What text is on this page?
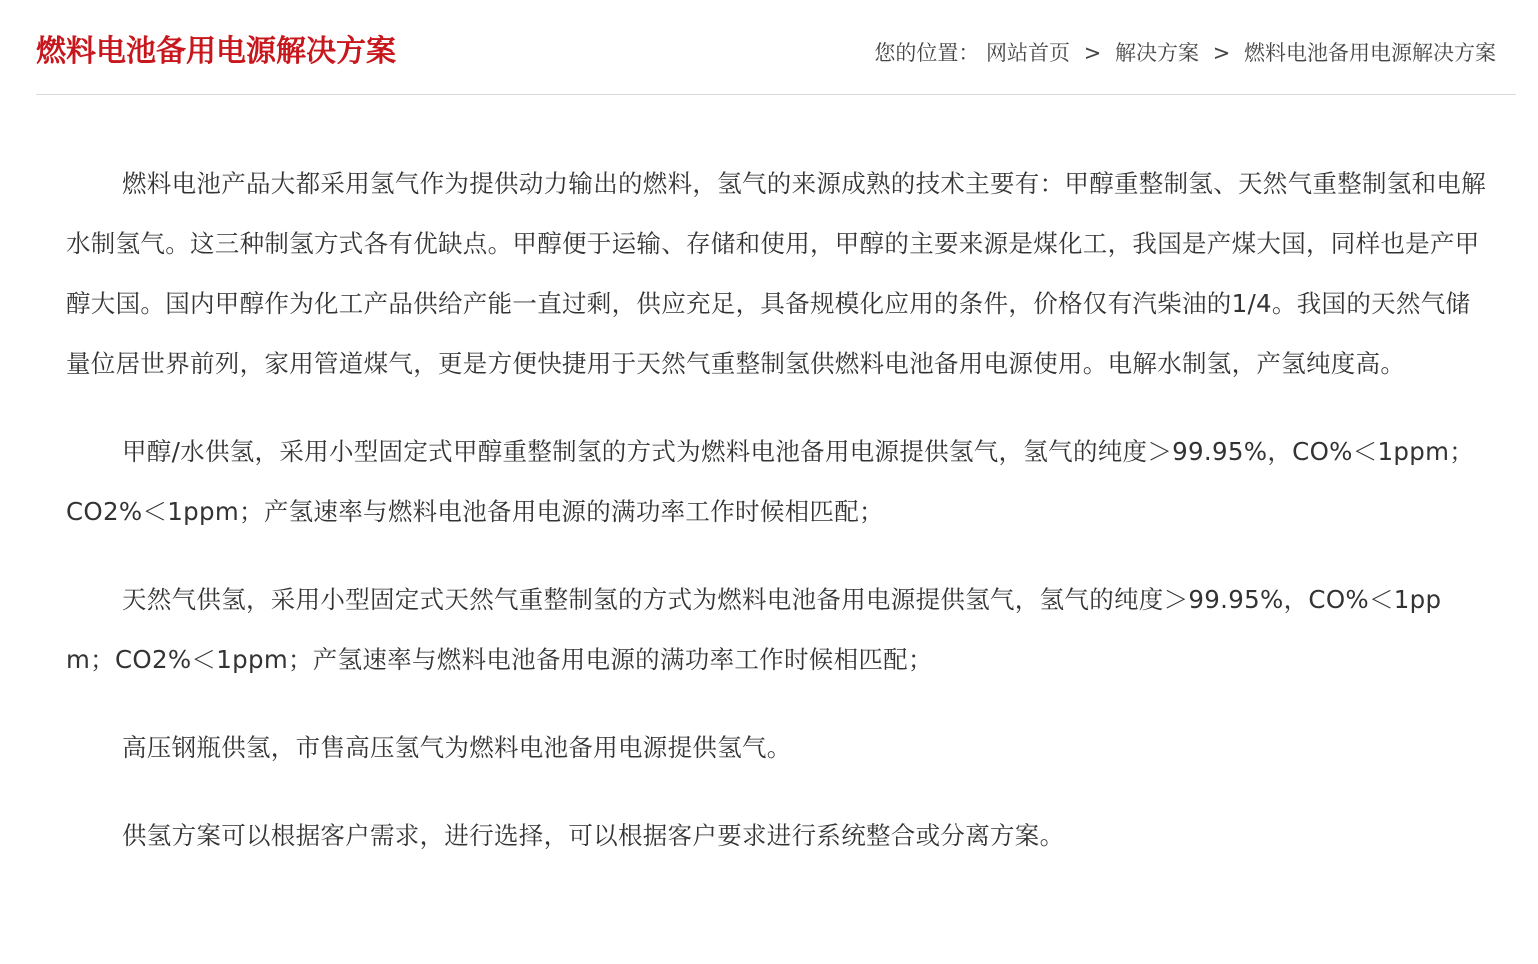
燃料电池备用电源解决方案	您的位置： 网站首页 > 解决方案 > 燃料电池备用电源解决方案

燃料电池产品大都采用氢气作为提供动力输出的燃料，氢气的来源成熟的技术主要有：甲醇重整制氢、天然气重整制氢和电解水制氢气。这三种制氢方式各有优缺点。甲醇便于运输、存储和使用，甲醇的主要来源是煤化工，我国是产煤大国，同样也是产甲醇大国。国内甲醇作为化工产品供给产能一直过剩，供应充足，具备规模化应用的条件，价格仅有汽柴油的1/4。我国的天然气储量位居世界前列，家用管道煤气，更是方便快捷用于天然气重整制氢供燃料电池备用电源使用。电解水制氢，产氢纯度高。

甲醇/水供氢，采用小型固定式甲醇重整制氢的方式为燃料电池备用电源提供氢气，氢气的纯度＞99.95%，CO%＜1ppm；CO2%＜1ppm；产氢速率与燃料电池备用电源的满功率工作时候相匹配；

天然气供氢，采用小型固定式天然气重整制氢的方式为燃料电池备用电源提供氢气，氢气的纯度＞99.95%，CO%＜1ppm；CO2%＜1ppm；产氢速率与燃料电池备用电源的满功率工作时候相匹配；

高压钢瓶供氢，市售高压氢气为燃料电池备用电源提供氢气。

供氢方案可以根据客户需求，进行选择，可以根据客户要求进行系统整合或分离方案。
